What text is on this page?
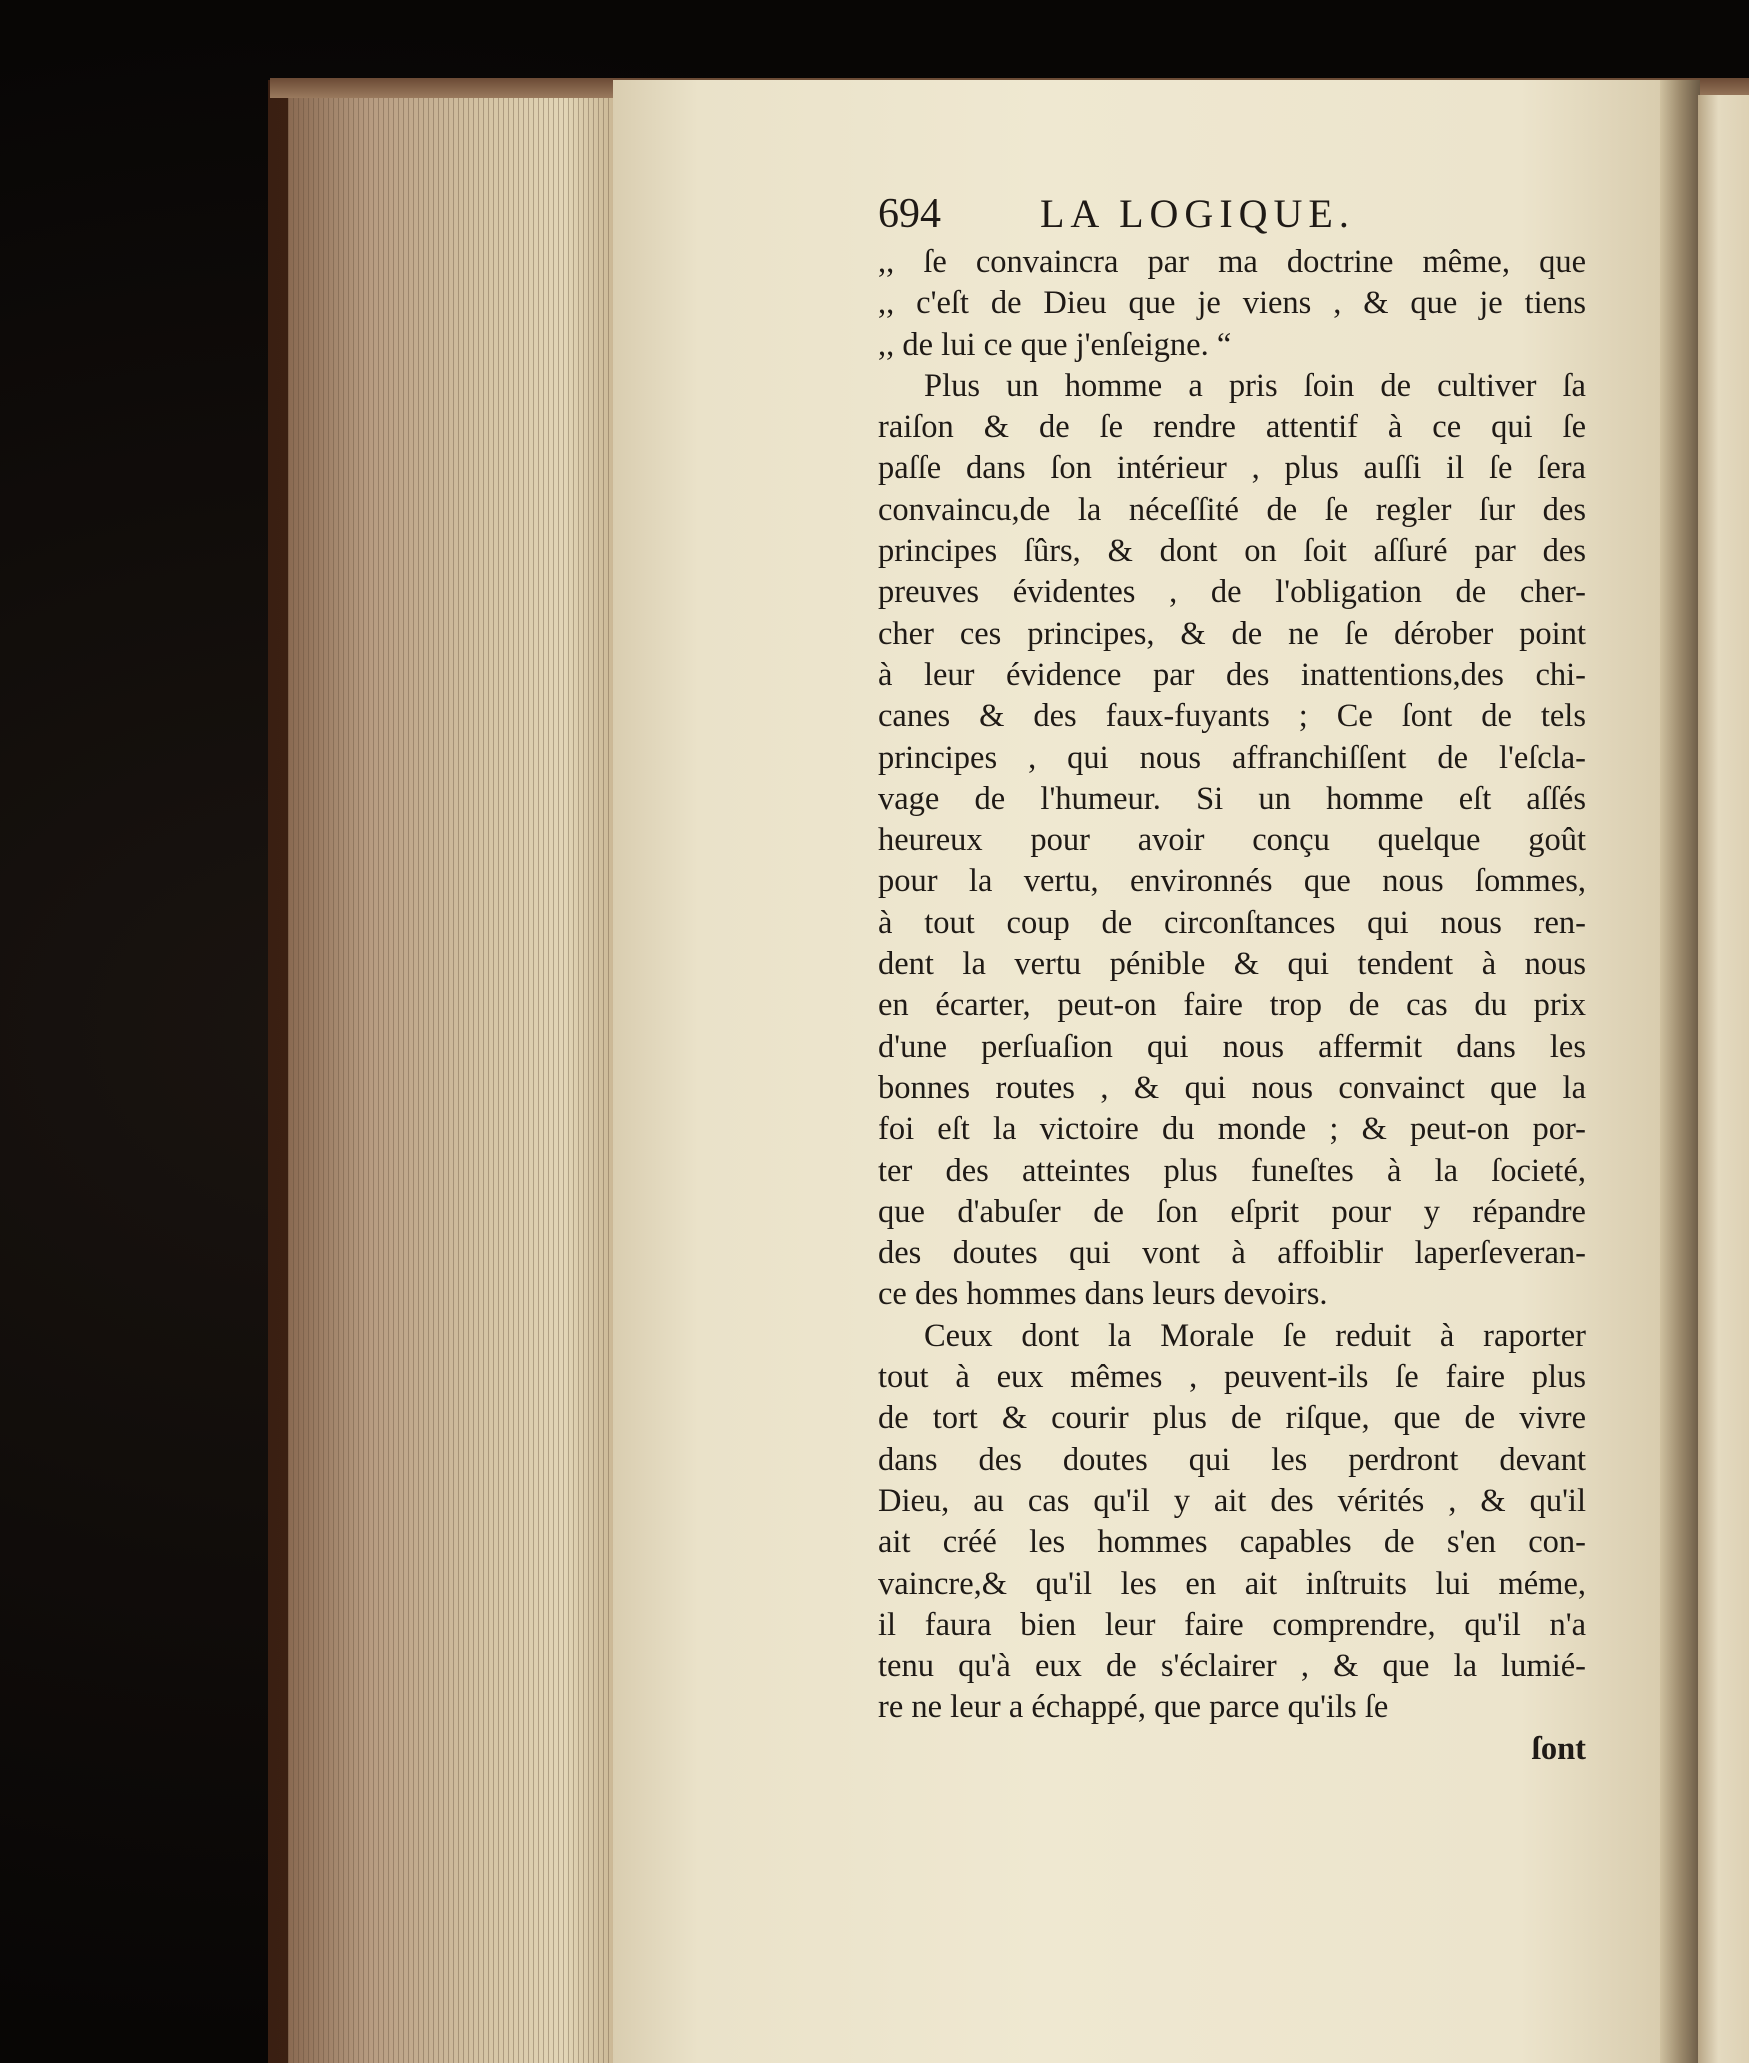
694 LA LOGIQUE.
,, ſe convaincra par ma doctrine même, que
,, c'eſt de Dieu que je viens , & que je tiens
,, de lui ce que j'enſeigne. “
Plus un homme a pris ſoin de cultiver ſa
raiſon & de ſe rendre attentif à ce qui ſe
paſſe dans ſon intérieur , plus auſſi il ſe ſera
convaincu,de la néceſſité de ſe regler ſur des
principes ſûrs, & dont on ſoit aſſuré par des
preuves évidentes , de l'obligation de cher-
cher ces principes, & de ne ſe dérober point
à leur évidence par des inattentions,des chi-
canes & des faux-fuyants ; Ce ſont de tels
principes , qui nous affranchiſſent de l'eſcla-
vage de l'humeur. Si un homme eſt aſſés
heureux pour avoir conçu quelque goût
pour la vertu, environnés que nous ſommes,
à tout coup de circonſtances qui nous ren-
dent la vertu pénible & qui tendent à nous
en écarter, peut-on faire trop de cas du prix
d'une perſuaſion qui nous affermit dans les
bonnes routes , & qui nous convainct que la
foi eſt la victoire du monde ; & peut-on por-
ter des atteintes plus funeſtes à la ſocieté,
que d'abuſer de ſon eſprit pour y répandre
des doutes qui vont à affoiblir laperſeveran-
ce des hommes dans leurs devoirs.
Ceux dont la Morale ſe reduit à raporter
tout à eux mêmes , peuvent-ils ſe faire plus
de tort & courir plus de riſque, que de vivre
dans des doutes qui les perdront devant
Dieu, au cas qu'il y ait des vérités , & qu'il
ait créé les hommes capables de s'en con-
vaincre,& qu'il les en ait inſtruits lui méme,
il faura bien leur faire comprendre, qu'il n'a
tenu qu'à eux de s'éclairer , & que la lumié-
re ne leur a échappé, que parce qu'ils ſe
ſont
